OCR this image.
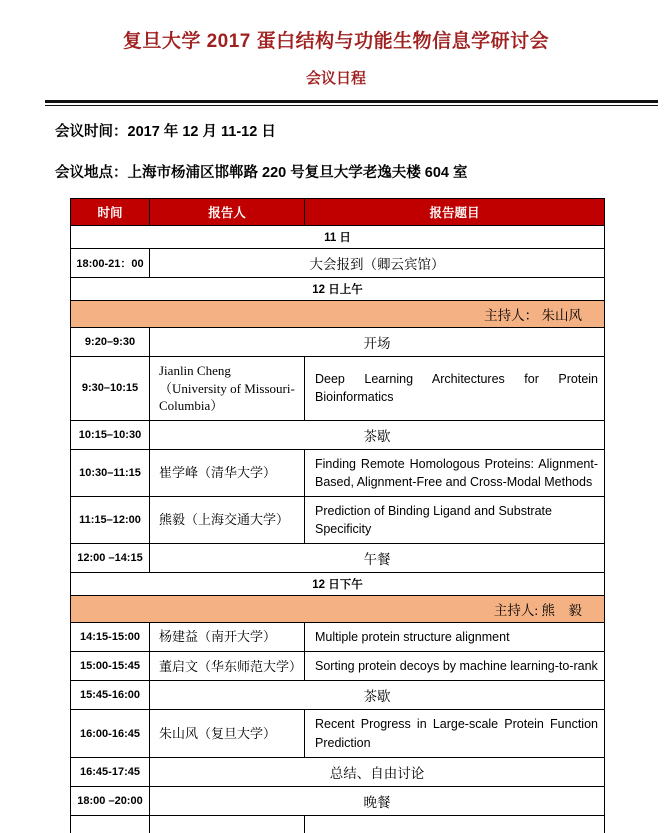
复旦大学 2017 蛋白结构与功能生物信息学研讨会
会议日程
会议时间：2017 年 12 月 11-12 日
会议地点：上海市杨浦区邯郸路 220 号复旦大学老逸夫楼 604 室
时间	报告人	报告题目
11 日		
18:00-21：00	大会报到（卿云宾馆）	
12 日上午		
主持人： 朱山风		
9:20–9:30	开场	
9:30–10:15	Jianlin Cheng （University of Missouri-Columbia）	Deep Learning Architectures for Protein Bioinformatics
10:15–10:30	茶歇	
10:30–11:15	崔学峰（清华大学）	Finding Remote Homologous Proteins: Alignment-Based, Alignment-Free and Cross-Modal Methods
11:15–12:00	熊毅（上海交通大学）	Prediction of Binding Ligand and Substrate Specificity
12:00 –14:15	午餐	
12 日下午		
主持人: 熊　毅		
14:15-15:00	杨建益（南开大学）	Multiple protein structure alignment
15:00-15:45	董启文（华东师范大学）	Sorting protein decoys by machine learning-to-rank
15:45-16:00	茶歇	
16:00-16:45	朱山风（复旦大学）	Recent Progress in Large-scale Protein Function Prediction
16:45-17:45	总结、自由讨论	
18:00 –20:00	晚餐	
